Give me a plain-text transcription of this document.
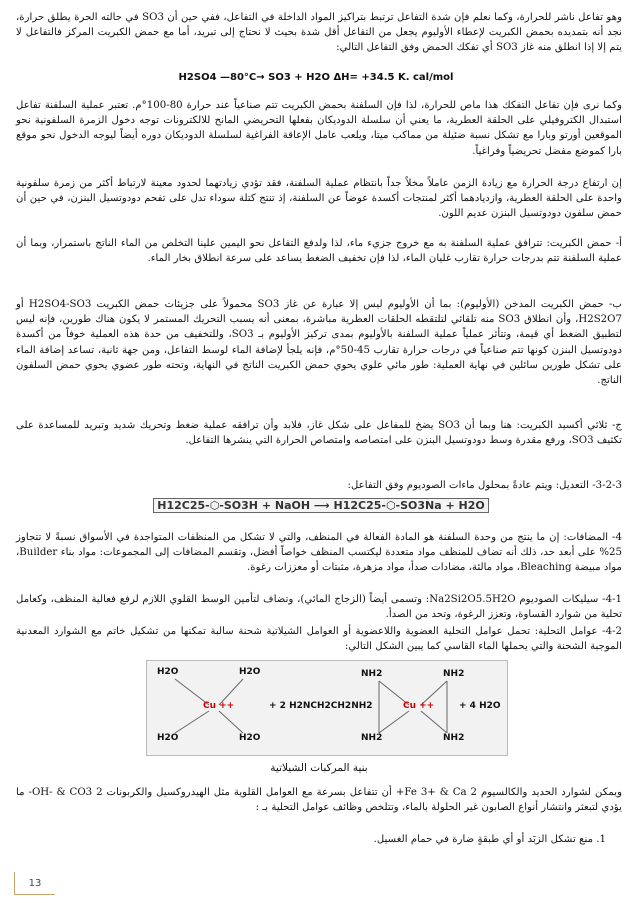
وهو تفاعل ناشر للحرارة، وكما نعلم فإن شدة التفاعل ترتبط بتراكيز المواد الداخلة في التفاعل، ففي حين أن SO3 في حالته الحرة يطلق حرارة، نجد أنه بتمديده بحمض الكبريت لإعطاء الأوليوم يجعل من التفاعل أقل شدة بحيث لا نحتاج إلى تبريد، أما مع حمض الكبريت المركز فالتفاعل لا يتم إلا إذا انطلق منه غاز SO3 أي تفكك الحمض وفق التفاعل التالي:

H2SO4 —80°C→ SO3 + H2O ΔH= +34.5 K. cal/mol

وكما نرى فإن تفاعل التفكك هذا ماص للحرارة، لذا فإن السلفنة بحمض الكبريت تتم صناعياً عند حرارة 80-100°م. تعتبر عملية السلفنة تفاعل استبدال الكتروفيلي على الحلقة العطرية، ما يعني أن سلسلة الدوديكان بفعلها التحريضي المانح للالكترونات توجه دخول الزمرة السلفونية نحو الموقعين أورتو وبارا مع تشكل نسبة ضئيلة من مماكب ميتا، ويلعب عامل الإعاقة الفراغية لسلسلة الدوديكان دوره أيضاً ليوجه الدخول نحو موقع بارا كموضع مفضل تحريضياً وفراغياً.

إن ارتفاع درجة الحرارة مع زيادة الزمن عاملاً مخلاً جداً بانتظام عملية السلفنة، فقد تؤدي زيادتهما لحدود معينة لارتباط أكثر من زمرة سلفونية واحدة على الحلقة العطرية، وازديادهما أكثر لمنتجات أكسدة عوضاً عن السلفنة، إذ تنتج كتلة سوداء تدل على تفحم دودوتسيل البنزن، في حين أن حمض سلفون دودوتسيل البنزن عديم اللون.

أ- حمض الكبريت: تترافق عملية السلفنة به مع خروج جزيء ماء، لذا ولدفع التفاعل نحو اليمين علينا التخلص من الماء الناتج باستمرار، وبما أن عملية السلفنة تتم بدرجات حرارة تقارب غليان الماء، لذا فإن تخفيف الضغط يساعد على سرعة انطلاق بخار الماء.

ب- حمض الكبريت المدخن (الأوليوم): بما أن الأوليوم ليس إلا عبارة عن غاز SO3 محمولاً على جزيئات حمض الكبريت H2SO4-SO3 أو H2S2O7، وأن انطلاق SO3 منه تلقائي لتلتقطه الحلقات العطرية مباشرة، بمعنى أنه يسبب التحريك المستمر لا يكون هناك طورين، فإنه ليس لتطبيق الضغط أي قيمة، وتتأثر عملياً عملية السلفنة بالأوليوم بمدى تركيز الأوليوم بـ SO3، وللتخفيف من حدة هذه العملية خوفاً من أكسدة دودوتسيل البنزن كونها تتم صناعياً في درجات حرارة تقارب 45-50°م، فإنه يلجأ لإضافة الماء لوسط التفاعل، ومن جهة ثانية، تساعد إضافة الماء على تشكل طورين سائلين في نهاية العملية: طور مائي علوي يحوي حمض الكبريت الناتج في النهاية، وتحته طور عضوي يحوي حمض السلفون الناتج.

ج- ثلاثي أكسيد الكبريت: هنا وبما أن SO3 يضخ للمفاعل على شكل غاز، فلابد وأن ترافقه عملية ضغط وتحريك شديد وتبريد للمساعدة على تكثيف SO3، ورفع مقدرة وسط دودوتسيل البنزن على امتصاصه وامتصاص الحرارة التي ينشرها التفاعل.

3-2-3- التعديل: ويتم عادةً بمحلول ماءات الصوديوم وفق التفاعل:

H12C25-⬡-SO3H + NaOH ⟶ H12C25-⬡-SO3Na + H2O

4- المضافات: إن ما ينتج من وحدة السلفنة هو المادة الفعالة في المنظف، والتي لا تشكل من المنظفات المتواجدة في الأسواق نسبةً لا تتجاوز 25% على أبعد حد، ذلك أنه تضاف للمنظف مواد متعددة ليكتسب المنظف خواصاً أفضل، وتقسم المضافات إلى المجموعات: مواد بناء Builder، مواد مبيضة Bleaching، مواد مالئة، مضادات صدأ، مواد مزهرة، مثبتات أو معززات رغوة.

4-1- سيليكات الصوديوم Na2Si2O5.5H2O: وتسمى أيضاً (الزجاج المائي)، وتضاف لتأمين الوسط القلوي اللازم لرفع فعالية المنظف، وكعامل تحلية من شوارد القساوة، وتعزز الرغوة، وتحد من الصدأ.

4-2- عوامل التحلية: تحمل عوامل التحلية العضوية واللاعضوية أو العوامل الشيلاتية شحنة سالبة تمكنها من تشكيل خاتم مع الشوارد المعدنية الموجبة الشحنة والتي يحملها الماء القاسي كما يبين الشكل التالي:

H2O
H2O
H2O
H2O
Cu ++	+ 2 H2NCH2CH2NH2
NH2
NH2
NH2
NH2
Cu ++	+ 4 H2O
بنية المركبات الشيلاتية

ويمكن لشوارد الحديد والكالسيوم Fe 3+ & Ca 2+ أن تتفاعل بسرعة مع العوامل القلوية مثل الهيدروكسيل والكربونات OH- & CO3 2- ما يؤدي لتبعثر وانتشار أنواع الصابون غير الحلولة بالماء، وتتلخص وظائف عوامل التحلية بـ :

1. منع تشكل الزبَد أو أي طبقةٍ ضارة في حمام الغسيل.

13
